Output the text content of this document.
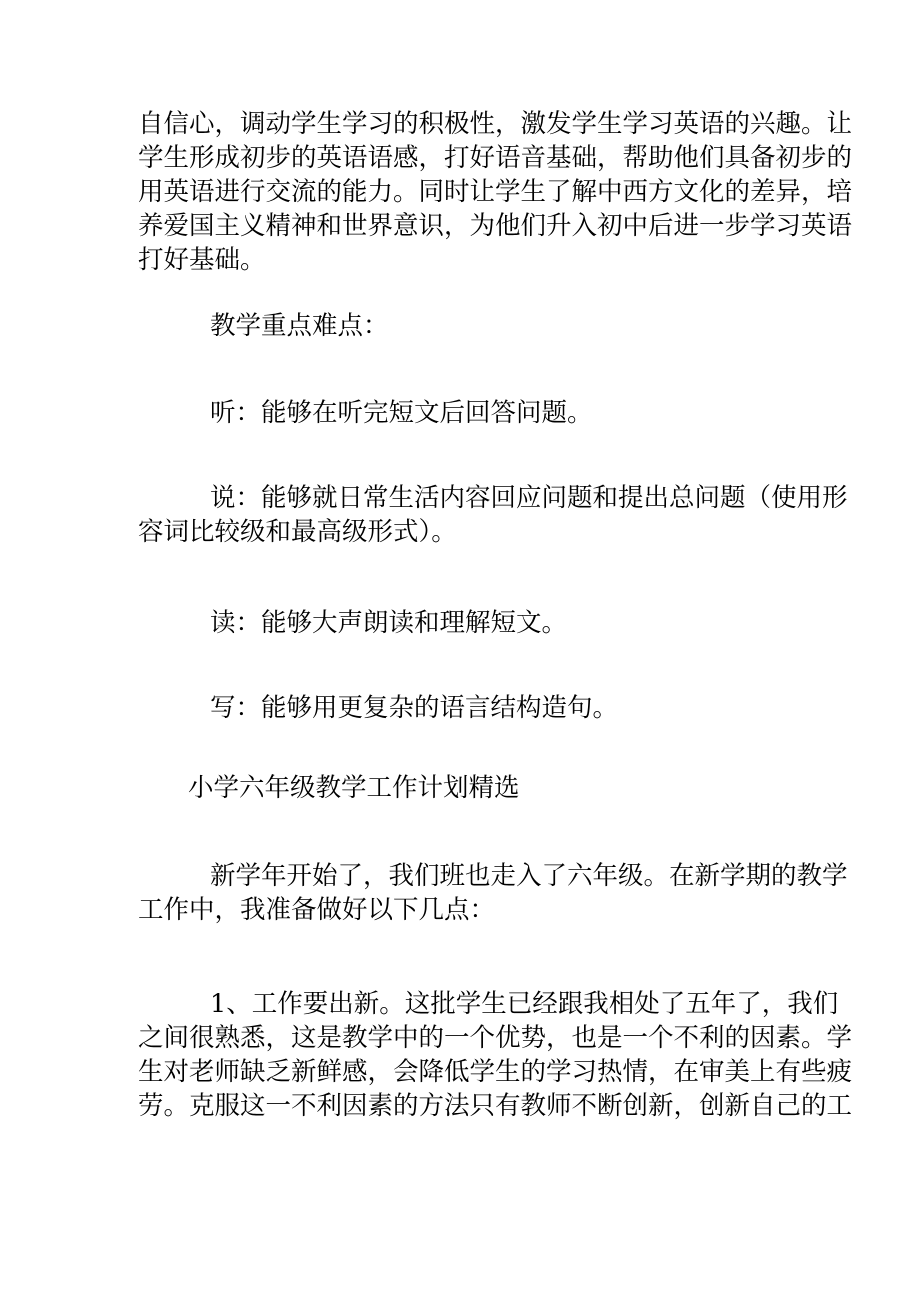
自信心，调动学生学习的积极性，激发学生学习英语的兴趣。让
学生形成初步的英语语感，打好语音基础，帮助他们具备初步的
用英语进行交流的能力。同时让学生了解中西方文化的差异，培
养爱国主义精神和世界意识，为他们升入初中后进一步学习英语
打好基础。

教学重点难点：

听：能够在听完短文后回答问题。

说：能够就日常生活内容回应问题和提出总问题（使用形
容词比较级和最高级形式）。

读：能够大声朗读和理解短文。

写：能够用更复杂的语言结构造句。

小学六年级教学工作计划精选

新学年开始了，我们班也走入了六年级。在新学期的教学
工作中，我准备做好以下几点：

1、工作要出新。这批学生已经跟我相处了五年了，我们
之间很熟悉，这是教学中的一个优势，也是一个不利的因素。学
生对老师缺乏新鲜感，会降低学生的学习热情，在审美上有些疲
劳。克服这一不利因素的方法只有教师不断创新，创新自己的工
